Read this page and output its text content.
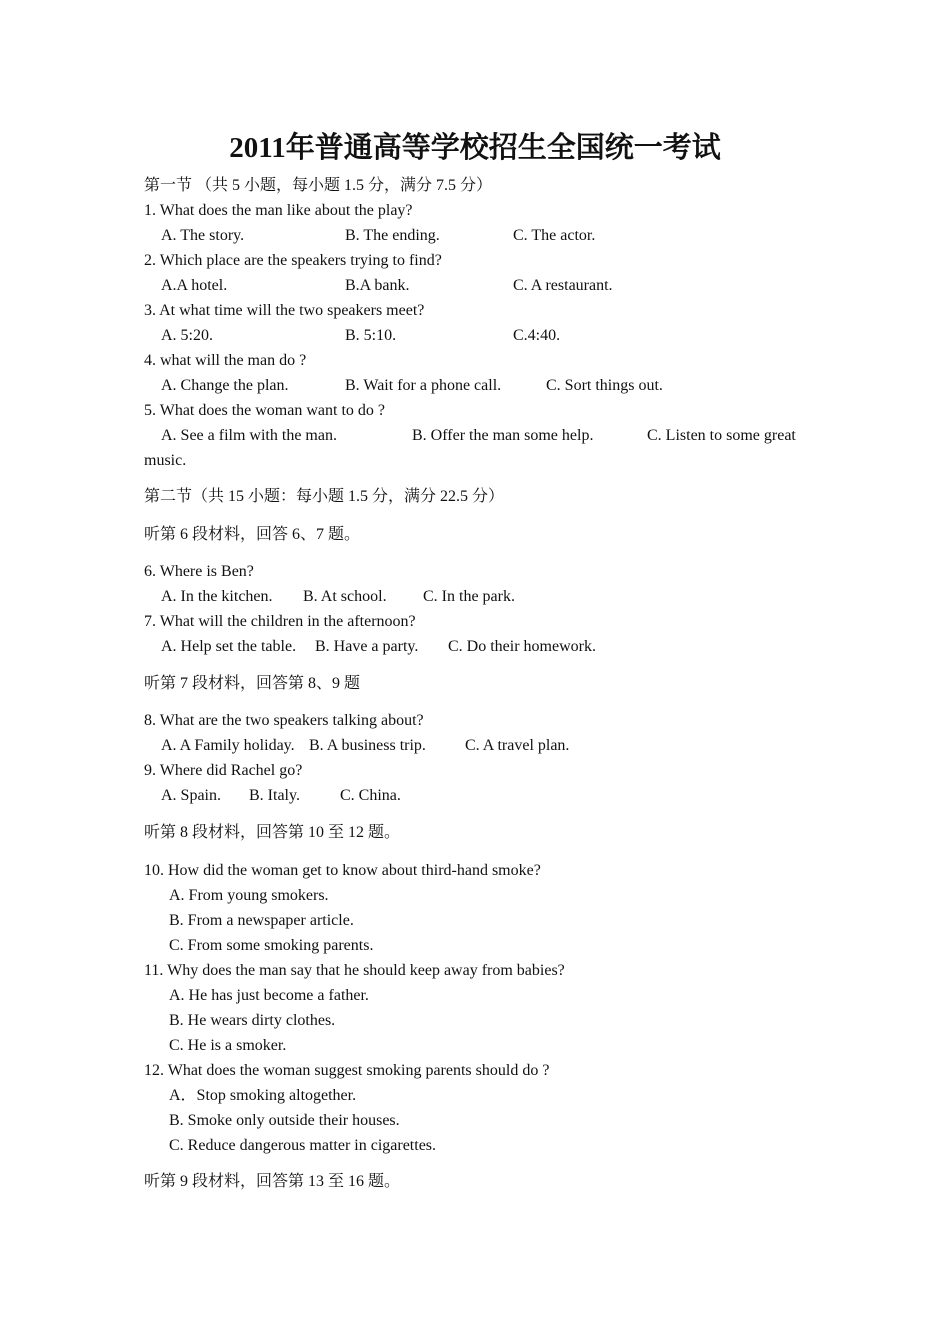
2011年普通高等学校招生全国统一考试
第一节 （共 5 小题，每小题 1.5 分，满分 7.5 分）
1. What does the man like about the play?
A. The story.	B. The ending.	C. The actor.
2. Which place are the speakers trying to find?
A.A hotel.	B.A bank.	C. A restaurant.
3. At what time will the two speakers meet?
A. 5:20.	B. 5:10.	C.4:40.
4. what will the man do ?
A. Change the plan.	B. Wait for a phone call.	C. Sort things out.
5. What does the woman want to do ?
A. See a film with the man.	B. Offer the man some help.	C. Listen to some great
music.
第二节（共 15 小题：每小题 1.5 分，满分 22.5 分）
听第 6 段材料，回答 6、7 题。
6. Where is Ben?
A. In the kitchen. B. At school. C. In the park.
7. What will the children in the afternoon?
A. Help set the table. B. Have a party. C. Do their homework.
听第 7 段材料，回答第 8、9 题
8. What are the two speakers talking about?
A. A Family holiday. B. A business trip. C. A travel plan.
9. Where did Rachel go?
A. Spain. B. Italy.	C. China.
听第 8 段材料，回答第 10 至 12 题。
10. How did the woman get to know about third-hand smoke?
A. From young smokers.
B. From a newspaper article.
C. From some smoking parents.
11. Why does the man say that he should keep away from babies?
A. He has just become a father.
B. He wears dirty clothes.
C. He is a smoker.
12. What does the woman suggest smoking parents should do ?
A．Stop smoking altogether.
B. Smoke only outside their houses.
C. Reduce dangerous matter in cigarettes.
听第 9 段材料，回答第 13 至 16 题。
